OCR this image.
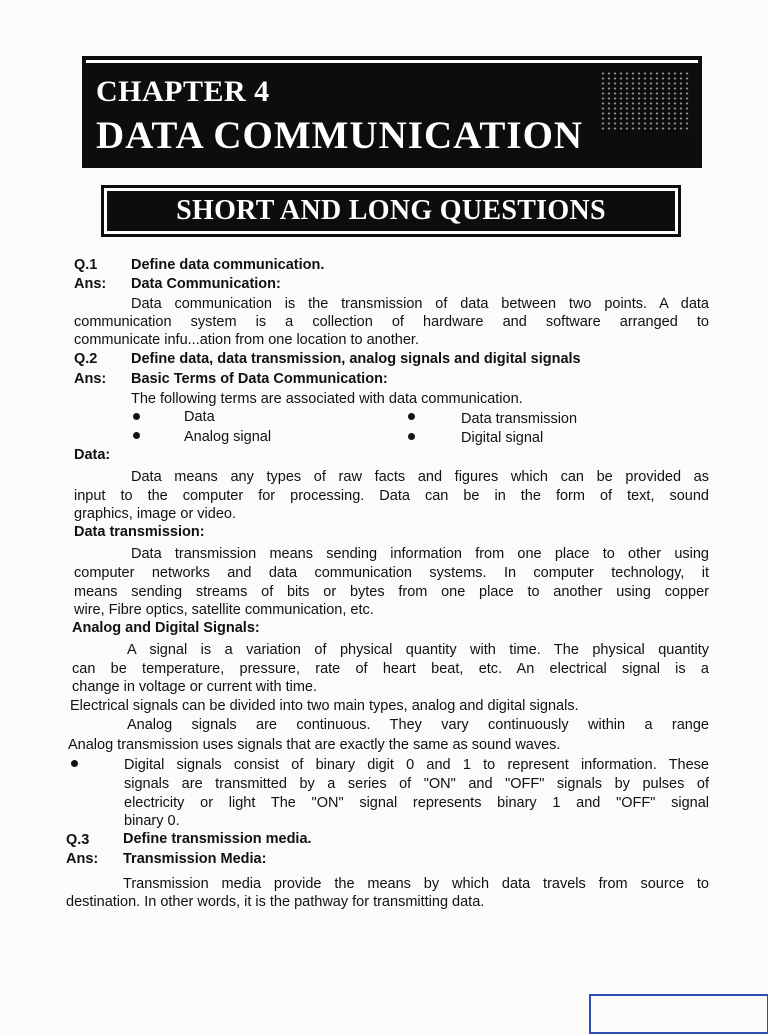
CHAPTER 4
DATA COMMUNICATION
SHORT AND LONG QUESTIONS
Q.1 Define data communication.
Ans: Data Communication:
Data communication is the transmission of data between two points. A data
communication system is a collection of hardware and software arranged to
communicate infu...ation from one location to another.
Q.2 Define data, data transmission, analog signals and digital signals
Ans: Basic Terms of Data Communication:
The following terms are associated with data communication.
Data	Data transmission
Analog signal	Digital signal
Data:
Data means any types of raw facts and figures which can be provided as
input to the computer for processing. Data can be in the form of text, sound
graphics, image or video.
Data transmission:
Data transmission means sending information from one place to other using
computer networks and data communication systems. In computer technology, it
means sending streams of bits or bytes from one place to another using copper
wire, Fibre optics, satellite communication, etc.
Analog and Digital Signals:
A signal is a variation of physical quantity with time. The physical quantity
can be temperature, pressure, rate of heart beat, etc. An electrical signal is a
change in voltage or current with time.
Electrical signals can be divided into two main types, analog and digital signals.
Analog signals are continuous. They vary continuously within a range
Analog transmission uses signals that are exactly the same as sound waves.
Digital signals consist of binary digit 0 and 1 to represent information. These
signals are transmitted by a series of "ON" and "OFF" signals by pulses of
electricity or light The "ON" signal represents binary 1 and "OFF" signal
binary 0.
Q.3 Define transmission media.
Ans: Transmission Media:
Transmission media provide the means by which data travels from source to
destination. In other words, it is the pathway for transmitting data.
